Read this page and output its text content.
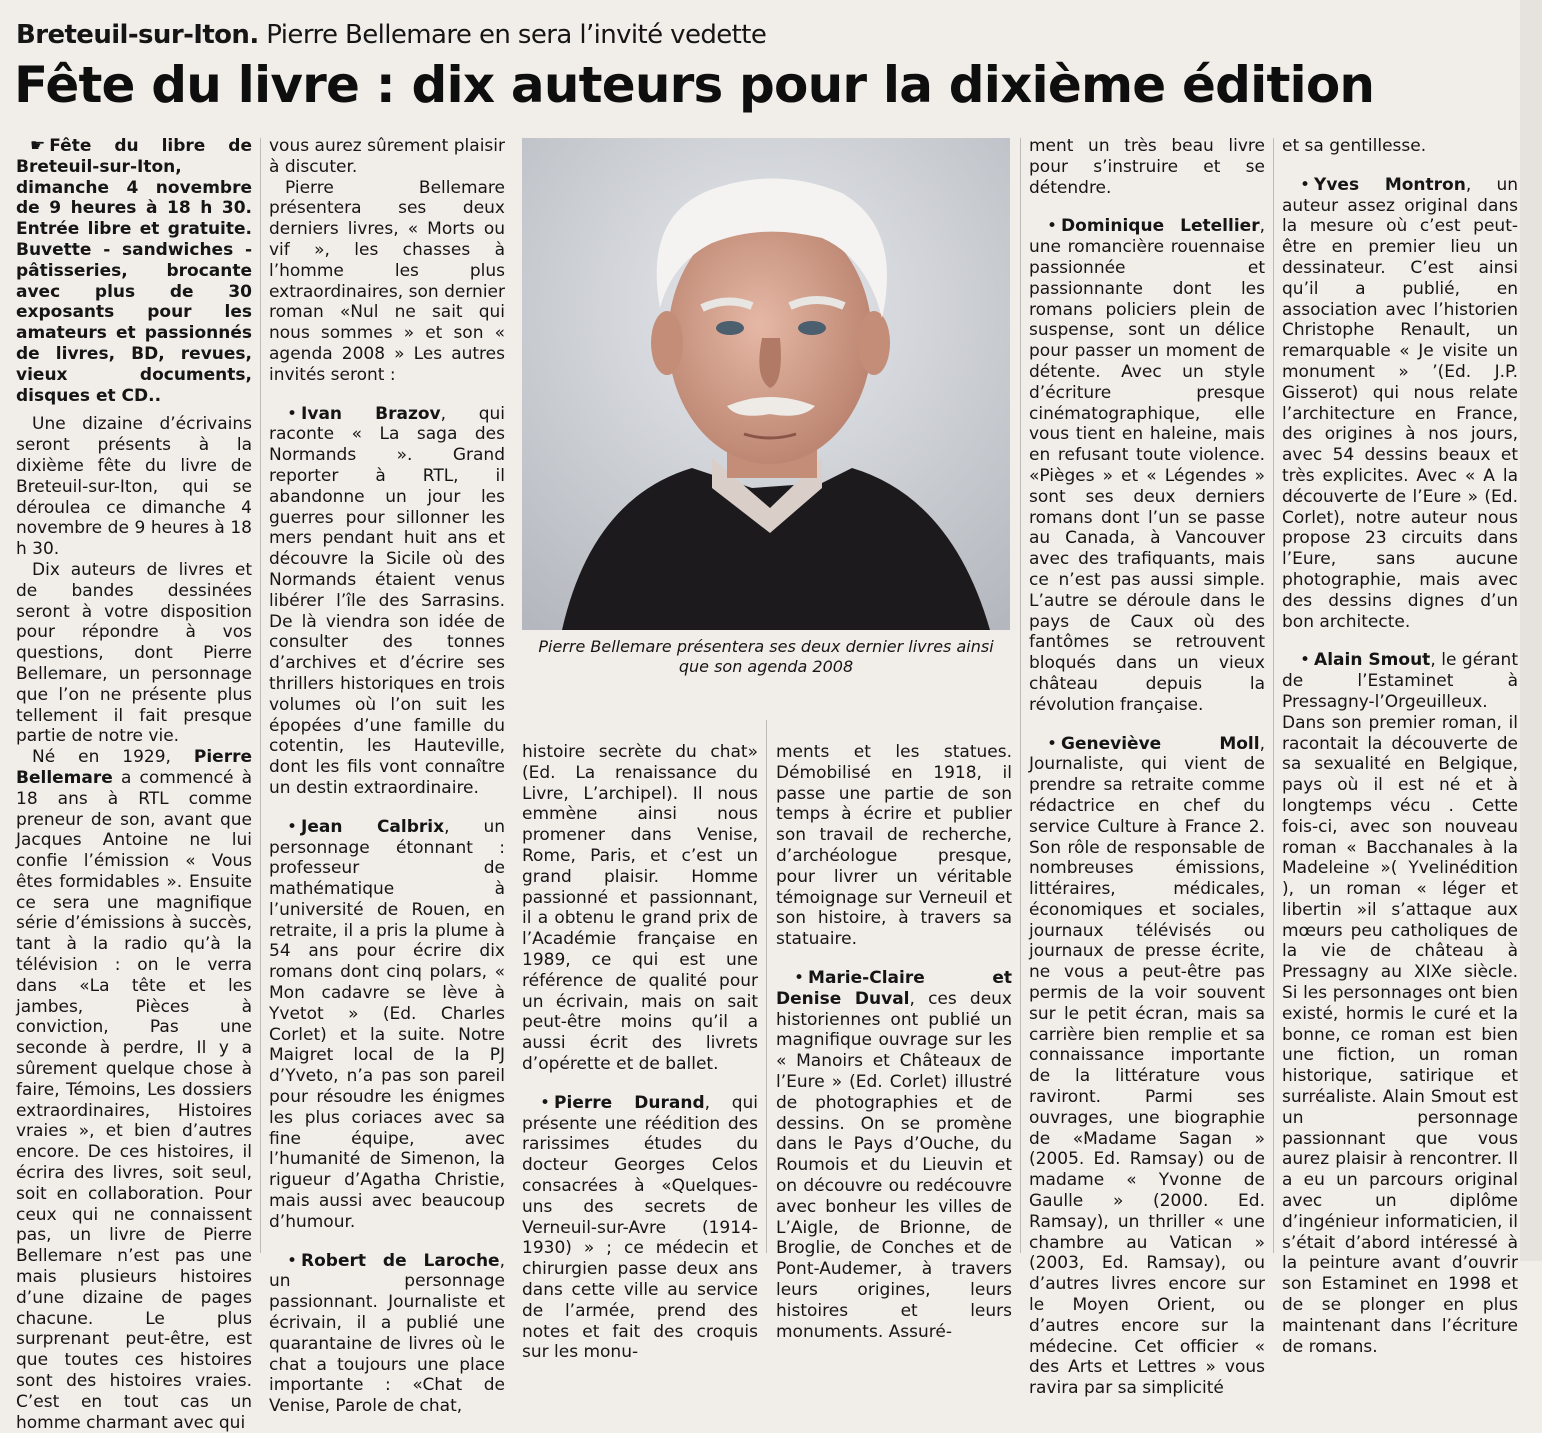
Breteuil-sur-Iton. Pierre Bellemare en sera l’invité vedette
Fête du livre : dix auteurs pour la dixième édition

☛ Fête du libre de Breteuil-sur-Iton, dimanche 4 novembre de 9 heures à 18 h 30. Entrée libre et gratuite. Buvette - sandwiches - pâtisseries, brocante avec plus de 30 exposants pour les amateurs et passionnés de livres, BD, revues, vieux documents, disques et CD..

Une dizaine d’écrivains seront présents à la dixième fête du livre de Breteuil-sur-Iton, qui se déroulea ce dimanche 4 novembre de 9 heures à 18 h 30.

Dix auteurs de livres et de bandes dessinées seront à votre disposition pour répondre à vos questions, dont Pierre Bellemare, un personnage que l’on ne présente plus tellement il fait presque partie de notre vie.

Né en 1929, Pierre Bellemare a commencé à 18 ans à RTL comme preneur de son, avant que Jacques Antoine ne lui confie l’émission « Vous êtes formidables ». Ensuite ce sera une magnifique série d’émissions à succès, tant à la radio qu’à la télévision : on le verra dans «La tête et les jambes, Pièces à conviction, Pas une seconde à perdre, Il y a sûrement quelque chose à faire, Témoins, Les dossiers extraordinaires, Histoires vraies », et bien d’autres encore. De ces histoires, il écrira des livres, soit seul, soit en collaboration. Pour ceux qui ne connaissent pas, un livre de Pierre Bellemare n’est pas une mais plusieurs histoires d’une dizaine de pages chacune. Le plus surprenant peut-être, est que toutes ces histoires sont des histoires vraies. C’est en tout cas un homme charmant avec qui

vous aurez sûrement plaisir à discuter.

Pierre Bellemare présentera ses deux derniers livres, « Morts ou vif », les chasses à l’homme les plus extraordinaires, son dernier roman «Nul ne sait qui nous sommes » et son « agenda 2008 » Les autres invités seront :

• Ivan Brazov, qui raconte « La saga des Normands ». Grand reporter à RTL, il abandonne un jour les guerres pour sillonner les mers pendant huit ans et découvre la Sicile où des Normands étaient venus libérer l’île des Sarrasins. De là viendra son idée de consulter des tonnes d’archives et d’écrire ses thrillers historiques en trois volumes où l’on suit les épopées d’une famille du cotentin, les Hauteville, dont les fils vont connaître un destin extraordinaire.

• Jean Calbrix, un personnage étonnant : professeur de mathématique à l’université de Rouen, en retraite, il a pris la plume à 54 ans pour écrire dix romans dont cinq polars, « Mon cadavre se lève à Yvetot » (Ed. Charles Corlet) et la suite. Notre Maigret local de la PJ d’Yveto, n’a pas son pareil pour résoudre les énigmes les plus coriaces avec sa fine équipe, avec l’humanité de Simenon, la rigueur d’Agatha Christie, mais aussi avec beaucoup d’humour.

• Robert de Laroche, un personnage passionnant. Journaliste et écrivain, il a publié une quarantaine de livres où le chat a toujours une place importante : «Chat de Venise, Parole de chat,

Pierre Bellemare présentera ses deux dernier livres ainsi que son agenda 2008

histoire secrète du chat» (Ed. La renaissance du Livre, L’archipel). Il nous emmène ainsi nous promener dans Venise, Rome, Paris, et c’est un grand plaisir. Homme passionné et passionnant, il a obtenu le grand prix de l’Académie française en 1989, ce qui est une référence de qualité pour un écrivain, mais on sait peut-être moins qu’il a aussi écrit des livrets d’opérette et de ballet.

• Pierre Durand, qui présente une réédition des rarissimes études du docteur Georges Celos consacrées à «Quelques-uns des secrets de Verneuil-sur-Avre (1914-1930) » ; ce médecin et chirurgien passe deux ans dans cette ville au service de l’armée, prend des notes et fait des croquis sur les monu-

ments et les statues. Démobilisé en 1918, il passe une partie de son temps à écrire et publier son travail de recherche, d’archéologue presque, pour livrer un véritable témoignage sur Verneuil et son histoire, à travers sa statuaire.

• Marie-Claire et Denise Duval, ces deux historiennes ont publié un magnifique ouvrage sur les « Manoirs et Châteaux de l’Eure » (Ed. Corlet) illustré de photographies et de dessins. On se promène dans le Pays d’Ouche, du Roumois et du Lieuvin et on découvre ou redécouvre avec bonheur les villes de L’Aigle, de Brionne, de Broglie, de Conches et de Pont-Audemer, à travers leurs origines, leurs histoires et leurs monuments. Assuré-

ment un très beau livre pour s’instruire et se détendre.

• Dominique Letellier, une romancière rouennaise passionnée et passionnante dont les romans policiers plein de suspense, sont un délice pour passer un moment de détente. Avec un style d’écriture presque cinématographique, elle vous tient en haleine, mais en refusant toute violence. «Pièges » et « Légendes » sont ses deux derniers romans dont l’un se passe au Canada, à Vancouver avec des trafiquants, mais ce n’est pas aussi simple. L’autre se déroule dans le pays de Caux où des fantômes se retrouvent bloqués dans un vieux château depuis la révolution française.

• Geneviève Moll, Journaliste, qui vient de prendre sa retraite comme rédactrice en chef du service Culture à France 2. Son rôle de responsable de nombreuses émissions, littéraires, médicales, économiques et sociales, journaux télévisés ou journaux de presse écrite, ne vous a peut-être pas permis de la voir souvent sur le petit écran, mais sa carrière bien remplie et sa connaissance importante de la littérature vous raviront. Parmi ses ouvrages, une biographie de «Madame Sagan » (2005. Ed. Ramsay) ou de madame « Yvonne de Gaulle » (2000. Ed. Ramsay), un thriller « une chambre au Vatican » (2003, Ed. Ramsay), ou d’autres livres encore sur le Moyen Orient, ou d’autres encore sur la médecine. Cet officier « des Arts et Lettres » vous ravira par sa simplicité

et sa gentillesse.

• Yves Montron, un auteur assez original dans la mesure où c’est peut-être en premier lieu un dessinateur. C’est ainsi qu’il a publié, en association avec l’historien Christophe Renault, un remarquable « Je visite un monument » ’(Ed. J.P. Gisserot) qui nous relate l’architecture en France, des origines à nos jours, avec 54 dessins beaux et très explicites. Avec « A la découverte de l’Eure » (Ed. Corlet), notre auteur nous propose 23 circuits dans l’Eure, sans aucune photographie, mais avec des dessins dignes d’un bon architecte.

• Alain Smout, le gérant de l’Estaminet à Pressagny-l’Orgeuilleux. Dans son premier roman, il racontait la découverte de sa sexualité en Belgique, pays où il est né et à longtemps vécu . Cette fois-ci, avec son nouveau roman « Bacchanales à la Madeleine »( Yvelinédition ), un roman « léger et libertin »il s’attaque aux mœurs peu catholiques de la vie de château à Pressagny au XIXe siècle. Si les personnages ont bien existé, hormis le curé et la bonne, ce roman est bien une fiction, un roman historique, satirique et surréaliste. Alain Smout est un personnage passionnant que vous aurez plaisir à rencontrer. Il a eu un parcours original avec un diplôme d’ingénieur informaticien, il s’était d’abord intéressé à la peinture avant d’ouvrir son Estaminet en 1998 et de se plonger en plus maintenant dans l’écriture de romans.
